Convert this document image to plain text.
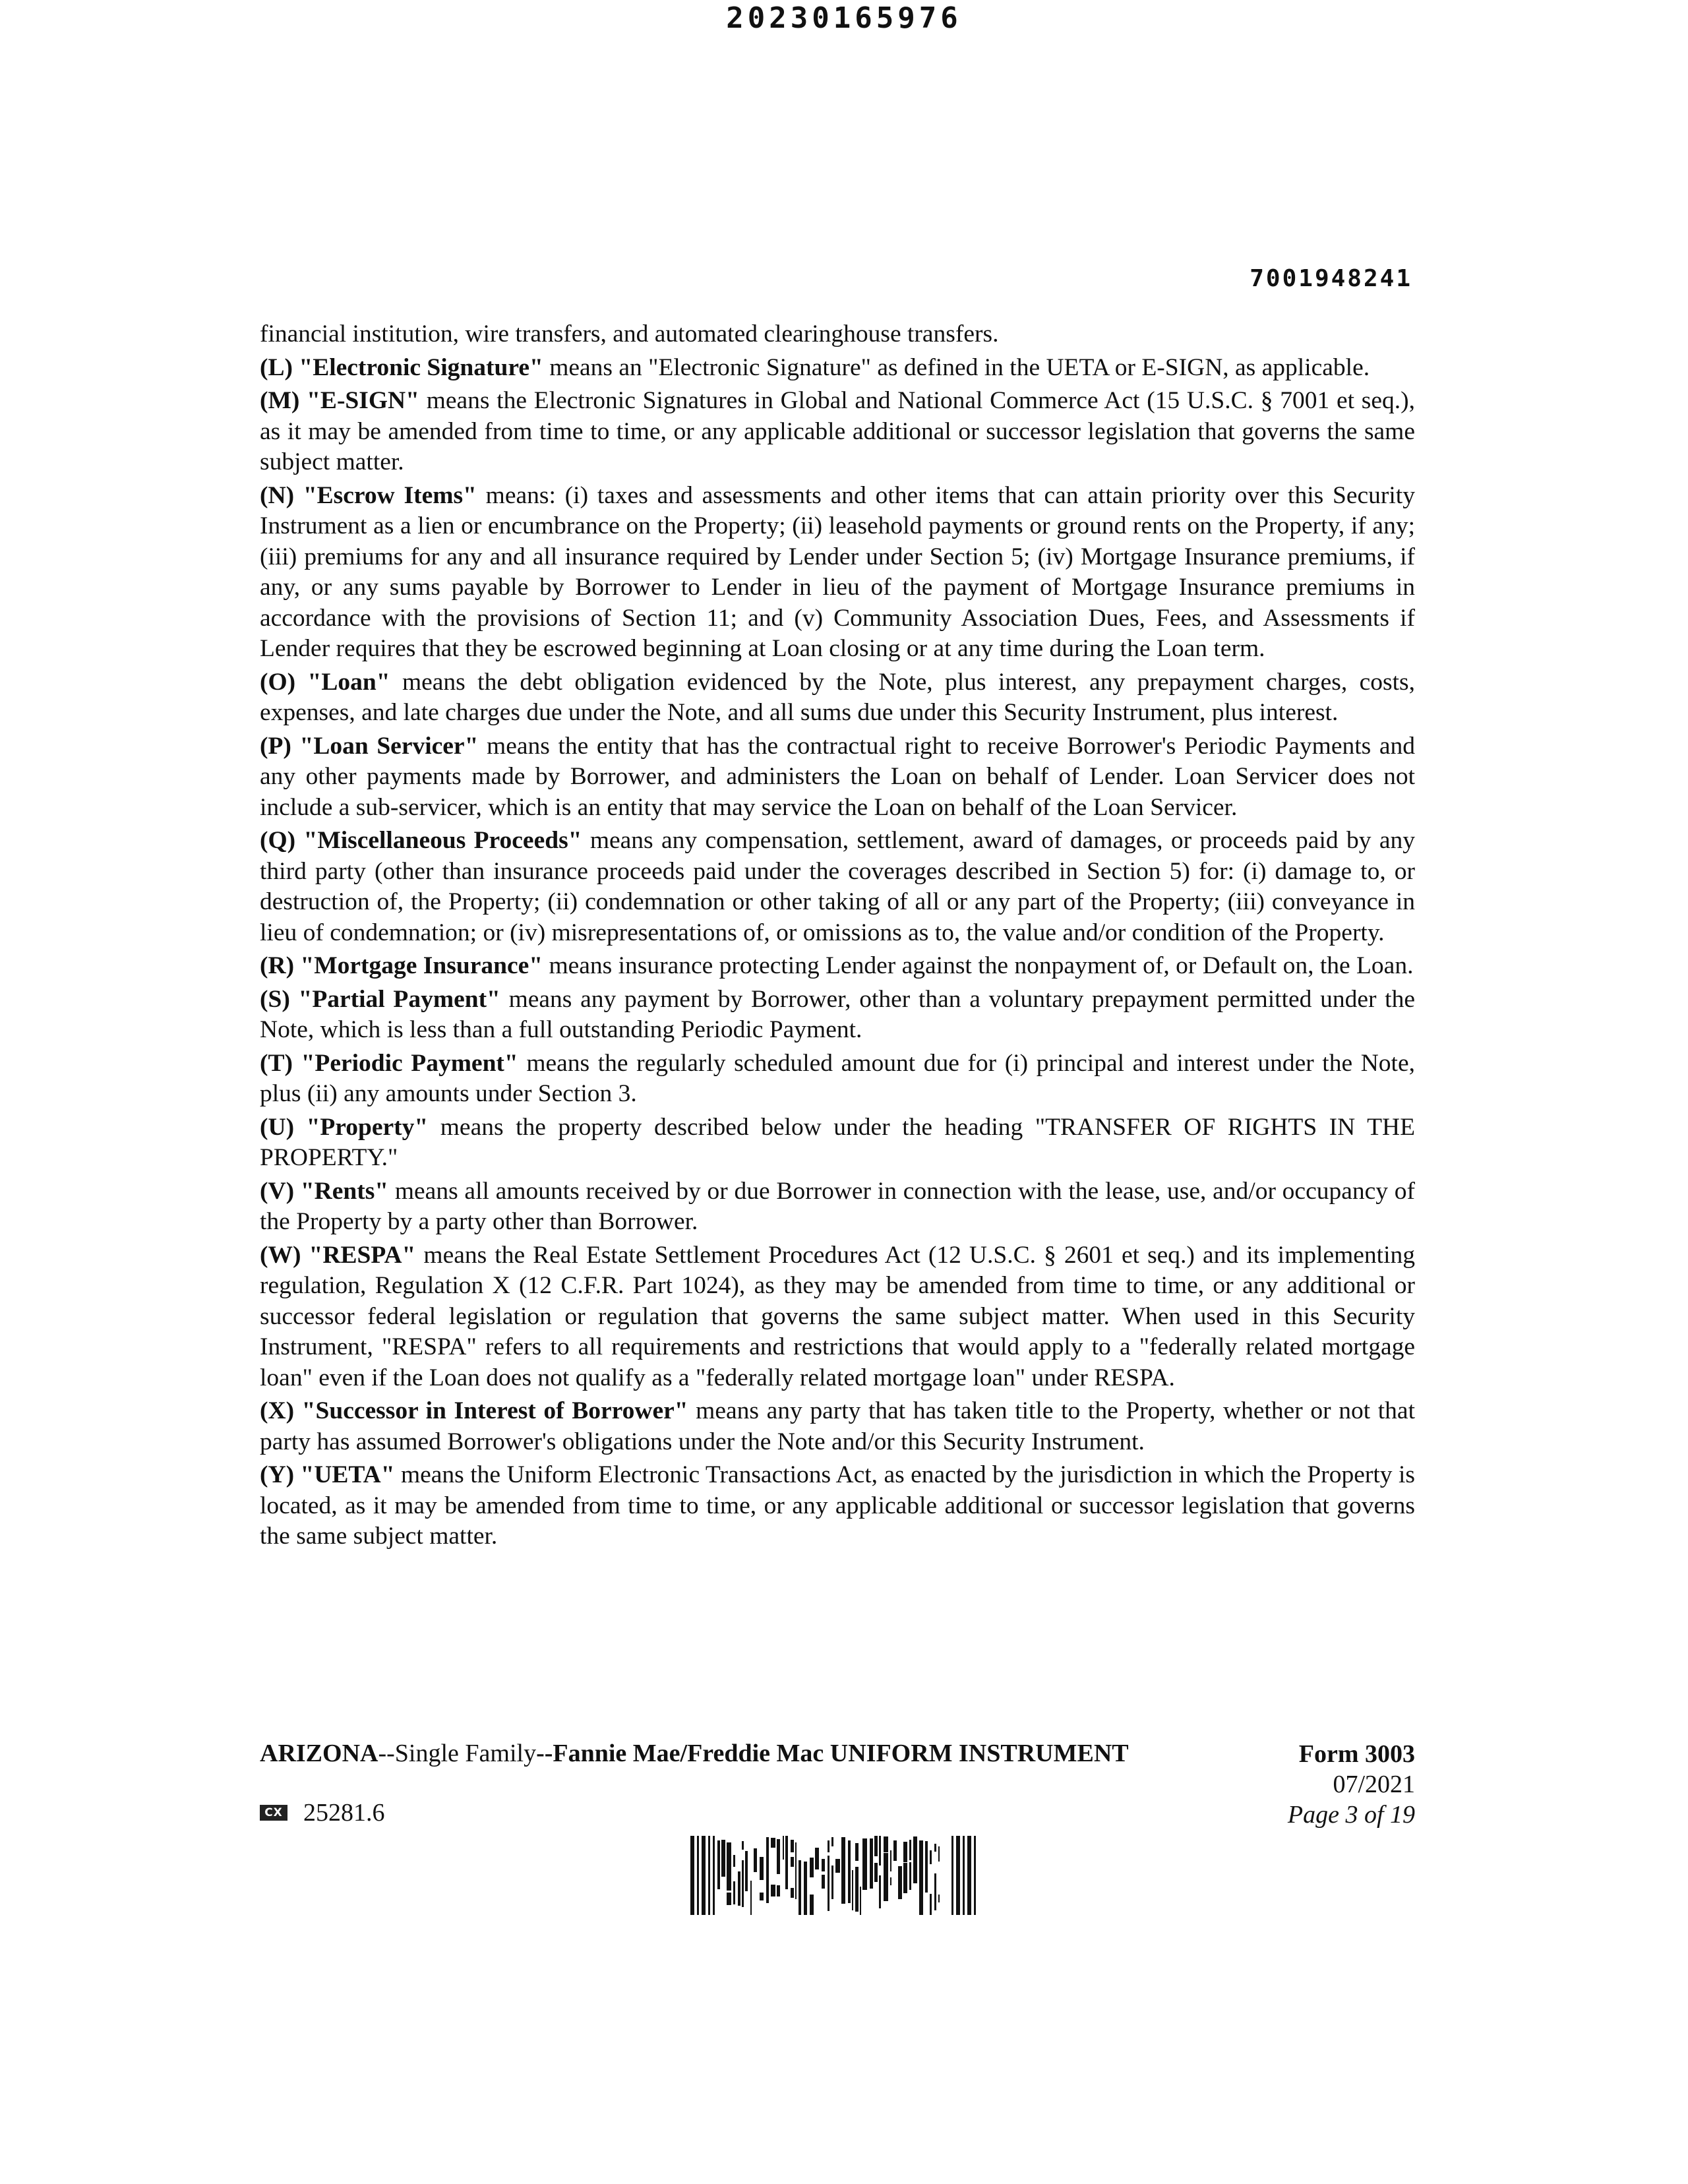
20230165976
7001948241

financial institution, wire transfers, and automated clearinghouse transfers.

(L) "Electronic Signature" means an "Electronic Signature" as defined in the UETA or E-SIGN, as applicable.

(M) "E-SIGN" means the Electronic Signatures in Global and National Commerce Act (15 U.S.C. § 7001 et seq.), as it may be amended from time to time, or any applicable additional or successor legislation that governs the same subject matter.

(N) "Escrow Items" means: (i) taxes and assessments and other items that can attain priority over this Security Instrument as a lien or encumbrance on the Property; (ii) leasehold payments or ground rents on the Property, if any; (iii) premiums for any and all insurance required by Lender under Section 5; (iv) Mortgage Insurance premiums, if any, or any sums payable by Borrower to Lender in lieu of the payment of Mortgage Insurance premiums in accordance with the provisions of Section 11; and (v) Community Association Dues, Fees, and Assessments if Lender requires that they be escrowed beginning at Loan closing or at any time during the Loan term.

(O) "Loan" means the debt obligation evidenced by the Note, plus interest, any prepayment charges, costs, expenses, and late charges due under the Note, and all sums due under this Security Instrument, plus interest.

(P) "Loan Servicer" means the entity that has the contractual right to receive Borrower's Periodic Payments and any other payments made by Borrower, and administers the Loan on behalf of Lender. Loan Servicer does not include a sub-servicer, which is an entity that may service the Loan on behalf of the Loan Servicer.

(Q) "Miscellaneous Proceeds" means any compensation, settlement, award of damages, or proceeds paid by any third party (other than insurance proceeds paid under the coverages described in Section 5) for: (i) damage to, or destruction of, the Property; (ii) condemnation or other taking of all or any part of the Property; (iii) conveyance in lieu of condemnation; or (iv) misrepresentations of, or omissions as to, the value and/or condition of the Property.

(R) "Mortgage Insurance" means insurance protecting Lender against the nonpayment of, or Default on, the Loan.

(S) "Partial Payment" means any payment by Borrower, other than a voluntary prepayment permitted under the Note, which is less than a full outstanding Periodic Payment.

(T) "Periodic Payment" means the regularly scheduled amount due for (i) principal and interest under the Note, plus (ii) any amounts under Section 3.

(U) "Property" means the property described below under the heading "TRANSFER OF RIGHTS IN THE PROPERTY."

(V) "Rents" means all amounts received by or due Borrower in connection with the lease, use, and/or occupancy of the Property by a party other than Borrower.

(W) "RESPA" means the Real Estate Settlement Procedures Act (12 U.S.C. § 2601 et seq.) and its implementing regulation, Regulation X (12 C.F.R. Part 1024), as they may be amended from time to time, or any additional or successor federal legislation or regulation that governs the same subject matter. When used in this Security Instrument, "RESPA" refers to all requirements and restrictions that would apply to a "federally related mortgage loan" even if the Loan does not qualify as a "federally related mortgage loan" under RESPA.

(X) "Successor in Interest of Borrower" means any party that has taken title to the Property, whether or not that party has assumed Borrower's obligations under the Note and/or this Security Instrument.

(Y) "UETA" means the Uniform Electronic Transactions Act, as enacted by the jurisdiction in which the Property is located, as it may be amended from time to time, or any applicable additional or successor legislation that governs the same subject matter.

ARIZONA--Single Family--Fannie Mae/Freddie Mac UNIFORM INSTRUMENT	Form 3003
07/2021
Page 3 of 19
CX 25281.6
